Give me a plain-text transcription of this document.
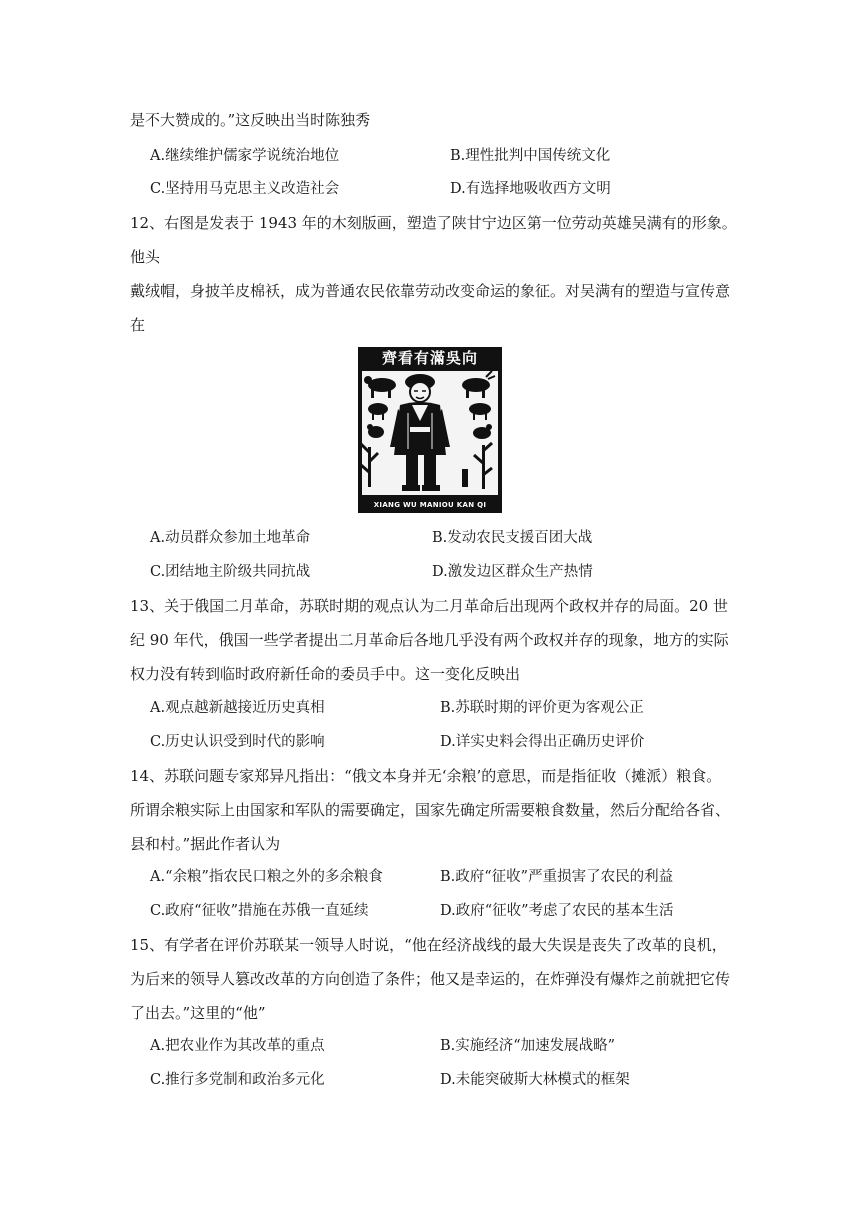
是不大赞成的。”这反映出当时陈独秀
A.继续维护儒家学说统治地位	B.理性批判中国传统文化
C.坚持用马克思主义改造社会	D.有选择地吸收西方文明
12、右图是发表于 1943 年的木刻版画，塑造了陕甘宁边区第一位劳动英雄吴满有的形象。
他头
戴绒帽，身披羊皮棉袄，成为普通农民依靠劳动改变命运的象征。对吴满有的塑造与宣传意
在
齊看有滿吳向
XIANG WU MANIOU KAN QI
A.动员群众参加土地革命	B.发动农民支援百团大战
C.团结地主阶级共同抗战	D.激发边区群众生产热情
13、关于俄国二月革命，苏联时期的观点认为二月革命后出现两个政权并存的局面。20 世
纪 90 年代，俄国一些学者提出二月革命后各地几乎没有两个政权并存的现象，地方的实际
权力没有转到临时政府新任命的委员手中。这一变化反映出
A.观点越新越接近历史真相	B.苏联时期的评价更为客观公正
C.历史认识受到时代的影响	D.详实史料会得出正确历史评价
14、苏联问题专家郑异凡指出：“俄文本身并无‘余粮’的意思，而是指征收（摊派）粮食。
所谓余粮实际上由国家和军队的需要确定，国家先确定所需要粮食数量，然后分配给各省、
县和村。”据此作者认为
A.“余粮”指农民口粮之外的多余粮食	B.政府“征收”严重损害了农民的利益
C.政府“征收”措施在苏俄一直延续	D.政府“征收”考虑了农民的基本生活
15、有学者在评价苏联某一领导人时说，“他在经济战线的最大失误是丧失了改革的良机，
为后来的领导人篡改改革的方向创造了条件；他又是幸运的，在炸弹没有爆炸之前就把它传
了出去。”这里的“他”
A.把农业作为其改革的重点	B.实施经济“加速发展战略”
C.推行多党制和政治多元化	D.未能突破斯大林模式的框架
